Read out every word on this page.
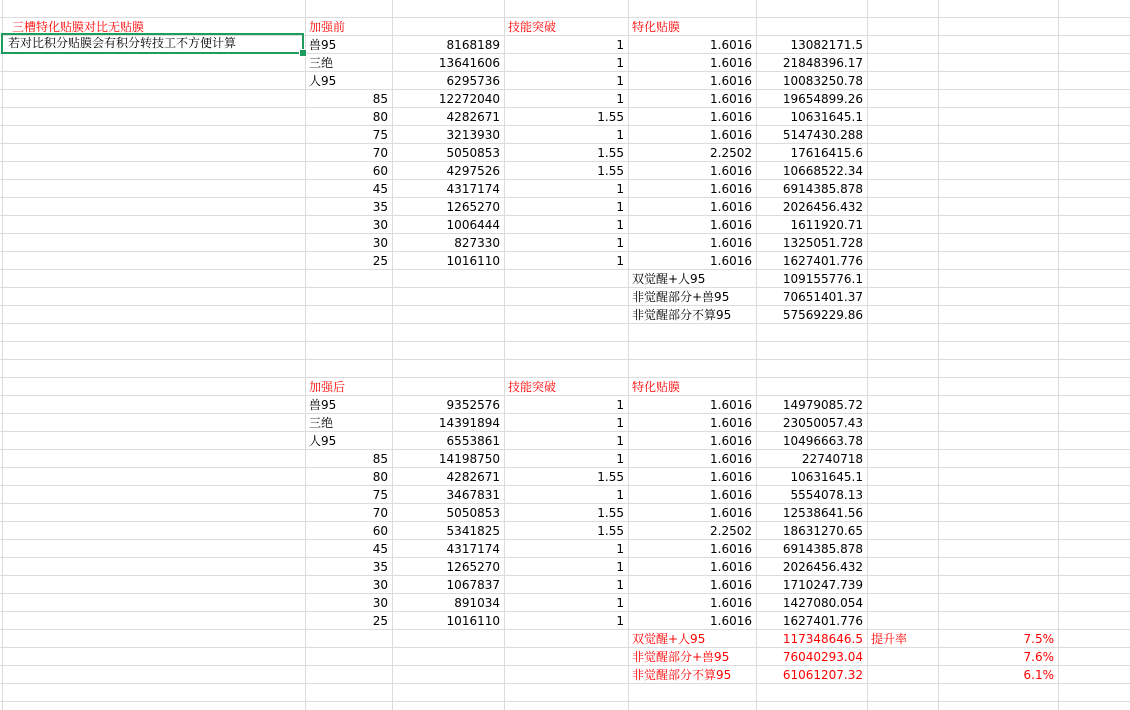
三槽特化贴膜对比无贴膜
若对比积分贴膜会有积分转技工不方便计算
加强前	技能突破	特化贴膜
兽95	8168189	1	1.6016	13082171.5
三绝	13641606	1	1.6016	21848396.17
人95	6295736	1	1.6016	10083250.78
85	12272040	1	1.6016	19654899.26
80	4282671	1.55	1.6016	10631645.1
75	3213930	1	1.6016	5147430.288
70	5050853	1.55	2.2502	17616415.6
60	4297526	1.55	1.6016	10668522.34
45	4317174	1	1.6016	6914385.878
35	1265270	1	1.6016	2026456.432
30	1006444	1	1.6016	1611920.71
30	827330	1	1.6016	1325051.728
25	1016110	1	1.6016	1627401.776
双觉醒+人95	109155776.1
非觉醒部分+兽95	70651401.37
非觉醒部分不算95	57569229.86
加强后	技能突破	特化贴膜
兽95	9352576	1	1.6016	14979085.72
三绝	14391894	1	1.6016	23050057.43
人95	6553861	1	1.6016	10496663.78
85	14198750	1	1.6016	22740718
80	4282671	1.55	1.6016	10631645.1
75	3467831	1	1.6016	5554078.13
70	5050853	1.55	1.6016	12538641.56
60	5341825	1.55	2.2502	18631270.65
45	4317174	1	1.6016	6914385.878
35	1265270	1	1.6016	2026456.432
30	1067837	1	1.6016	1710247.739
30	891034	1	1.6016	1427080.054
25	1016110	1	1.6016	1627401.776
双觉醒+人95	117348646.5 提升率	7.5%
非觉醒部分+兽95	76040293.04	7.6%
非觉醒部分不算95	61061207.32	6.1%
